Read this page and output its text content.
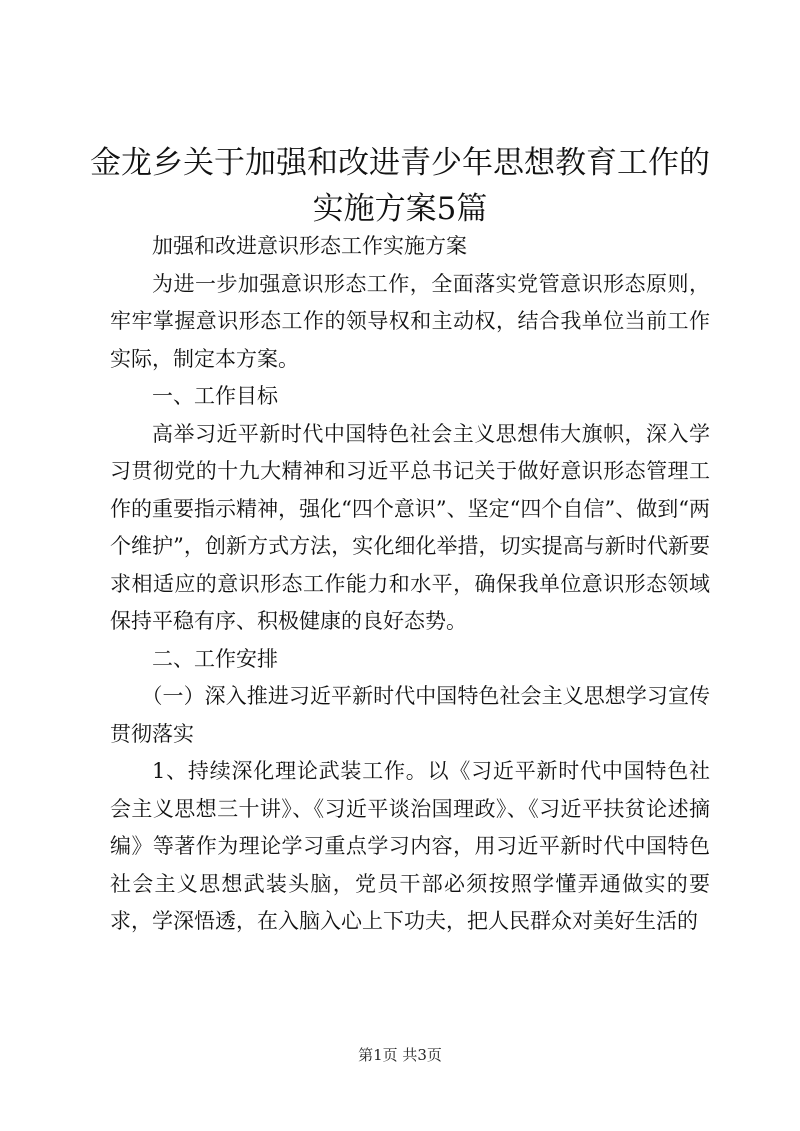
金龙乡关于加强和改进青少年思想教育工作的
实施方案5篇

加强和改进意识形态工作实施方案

为进一步加强意识形态工作，全面落实党管意识形态原则，牢牢掌握意识形态工作的领导权和主动权，结合我单位当前工作实际，制定本方案。

一、工作目标

高举习近平新时代中国特色社会主义思想伟大旗帜，深入学习贯彻党的十九大精神和习近平总书记关于做好意识形态管理工作的重要指示精神，强化“四个意识”、坚定“四个自信”、做到“两个维护”，创新方式方法，实化细化举措，切实提高与新时代新要求相适应的意识形态工作能力和水平，确保我单位意识形态领域保持平稳有序、积极健康的良好态势。

二、工作安排

（一）深入推进习近平新时代中国特色社会主义思想学习宣传贯彻落实

1、持续深化理论武装工作。以《习近平新时代中国特色社会主义思想三十讲》、《习近平谈治国理政》、《习近平扶贫论述摘编》等著作为理论学习重点学习内容，用习近平新时代中国特色社会主义思想武装头脑，党员干部必须按照学懂弄通做实的要求，学深悟透，在入脑入心上下功夫，把人民群众对美好生活的

第1页 共3页
